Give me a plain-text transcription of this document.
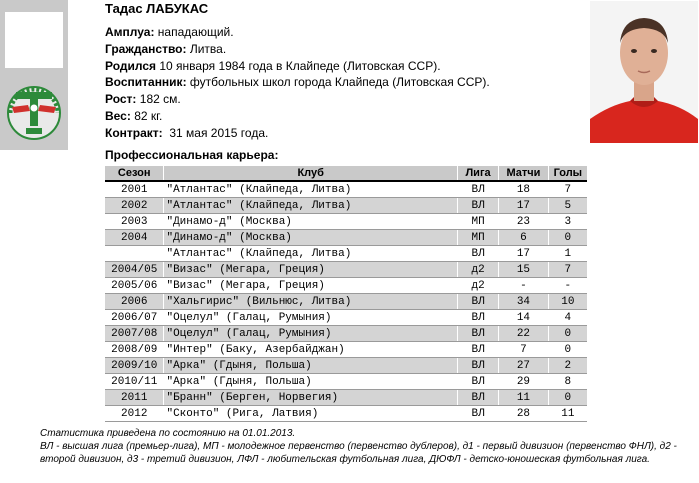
Тадас ЛАБУКАС
Амплуа: нападающий.
Гражданство: Литва.
Родился 10 января 1984 года в Клайпеде (Литовская ССР).
Воспитанник: футбольных школ города Клайпеда (Литовская ССР).
Рост: 182 см.
Вес: 82 кг.
Контракт: 31 мая 2015 года.
Профессиональная карьера:
Сезон	Клуб	Лига	Матчи	Голы
2001	"Атлантас" (Клайпеда, Литва)	ВЛ	18	7
2002	"Атлантас" (Клайпеда, Литва)	ВЛ	17	5
2003	"Динамо-д" (Москва)	МП	23	3
2004	"Динамо-д" (Москва)	МП	6	0
	"Атлантас" (Клайпеда, Литва)	ВЛ	17	1
2004/05	"Визас" (Мегара, Греция)	д2	15	7
2005/06	"Визас" (Мегара, Греция)	д2	-	-
2006	"Хальгирис" (Вильнюс, Литва)	ВЛ	34	10
2006/07	"Оцелул" (Галац, Румыния)	ВЛ	14	4
2007/08	"Оцелул" (Галац, Румыния)	ВЛ	22	0
2008/09	"Интер" (Баку, Азербайджан)	ВЛ	7	0
2009/10	"Арка" (Гдыня, Польша)	ВЛ	27	2
2010/11	"Арка" (Гдыня, Польша)	ВЛ	29	8
2011	"Бранн" (Берген, Норвегия)	ВЛ	11	0
2012	"Сконто" (Рига, Латвия)	ВЛ	28	11
Статистика приведена по состоянию на 01.01.2013.
ВЛ - высшая лига (премьер-лига), МП - молодежное первенство (первенство дублеров), д1 - первый дивизион (первенство ФНЛ), д2 - второй дивизион, д3 - третий дивизион, ЛФЛ - любительская футбольная лига, ДЮФЛ - детско-юношеская футбольная лига.
